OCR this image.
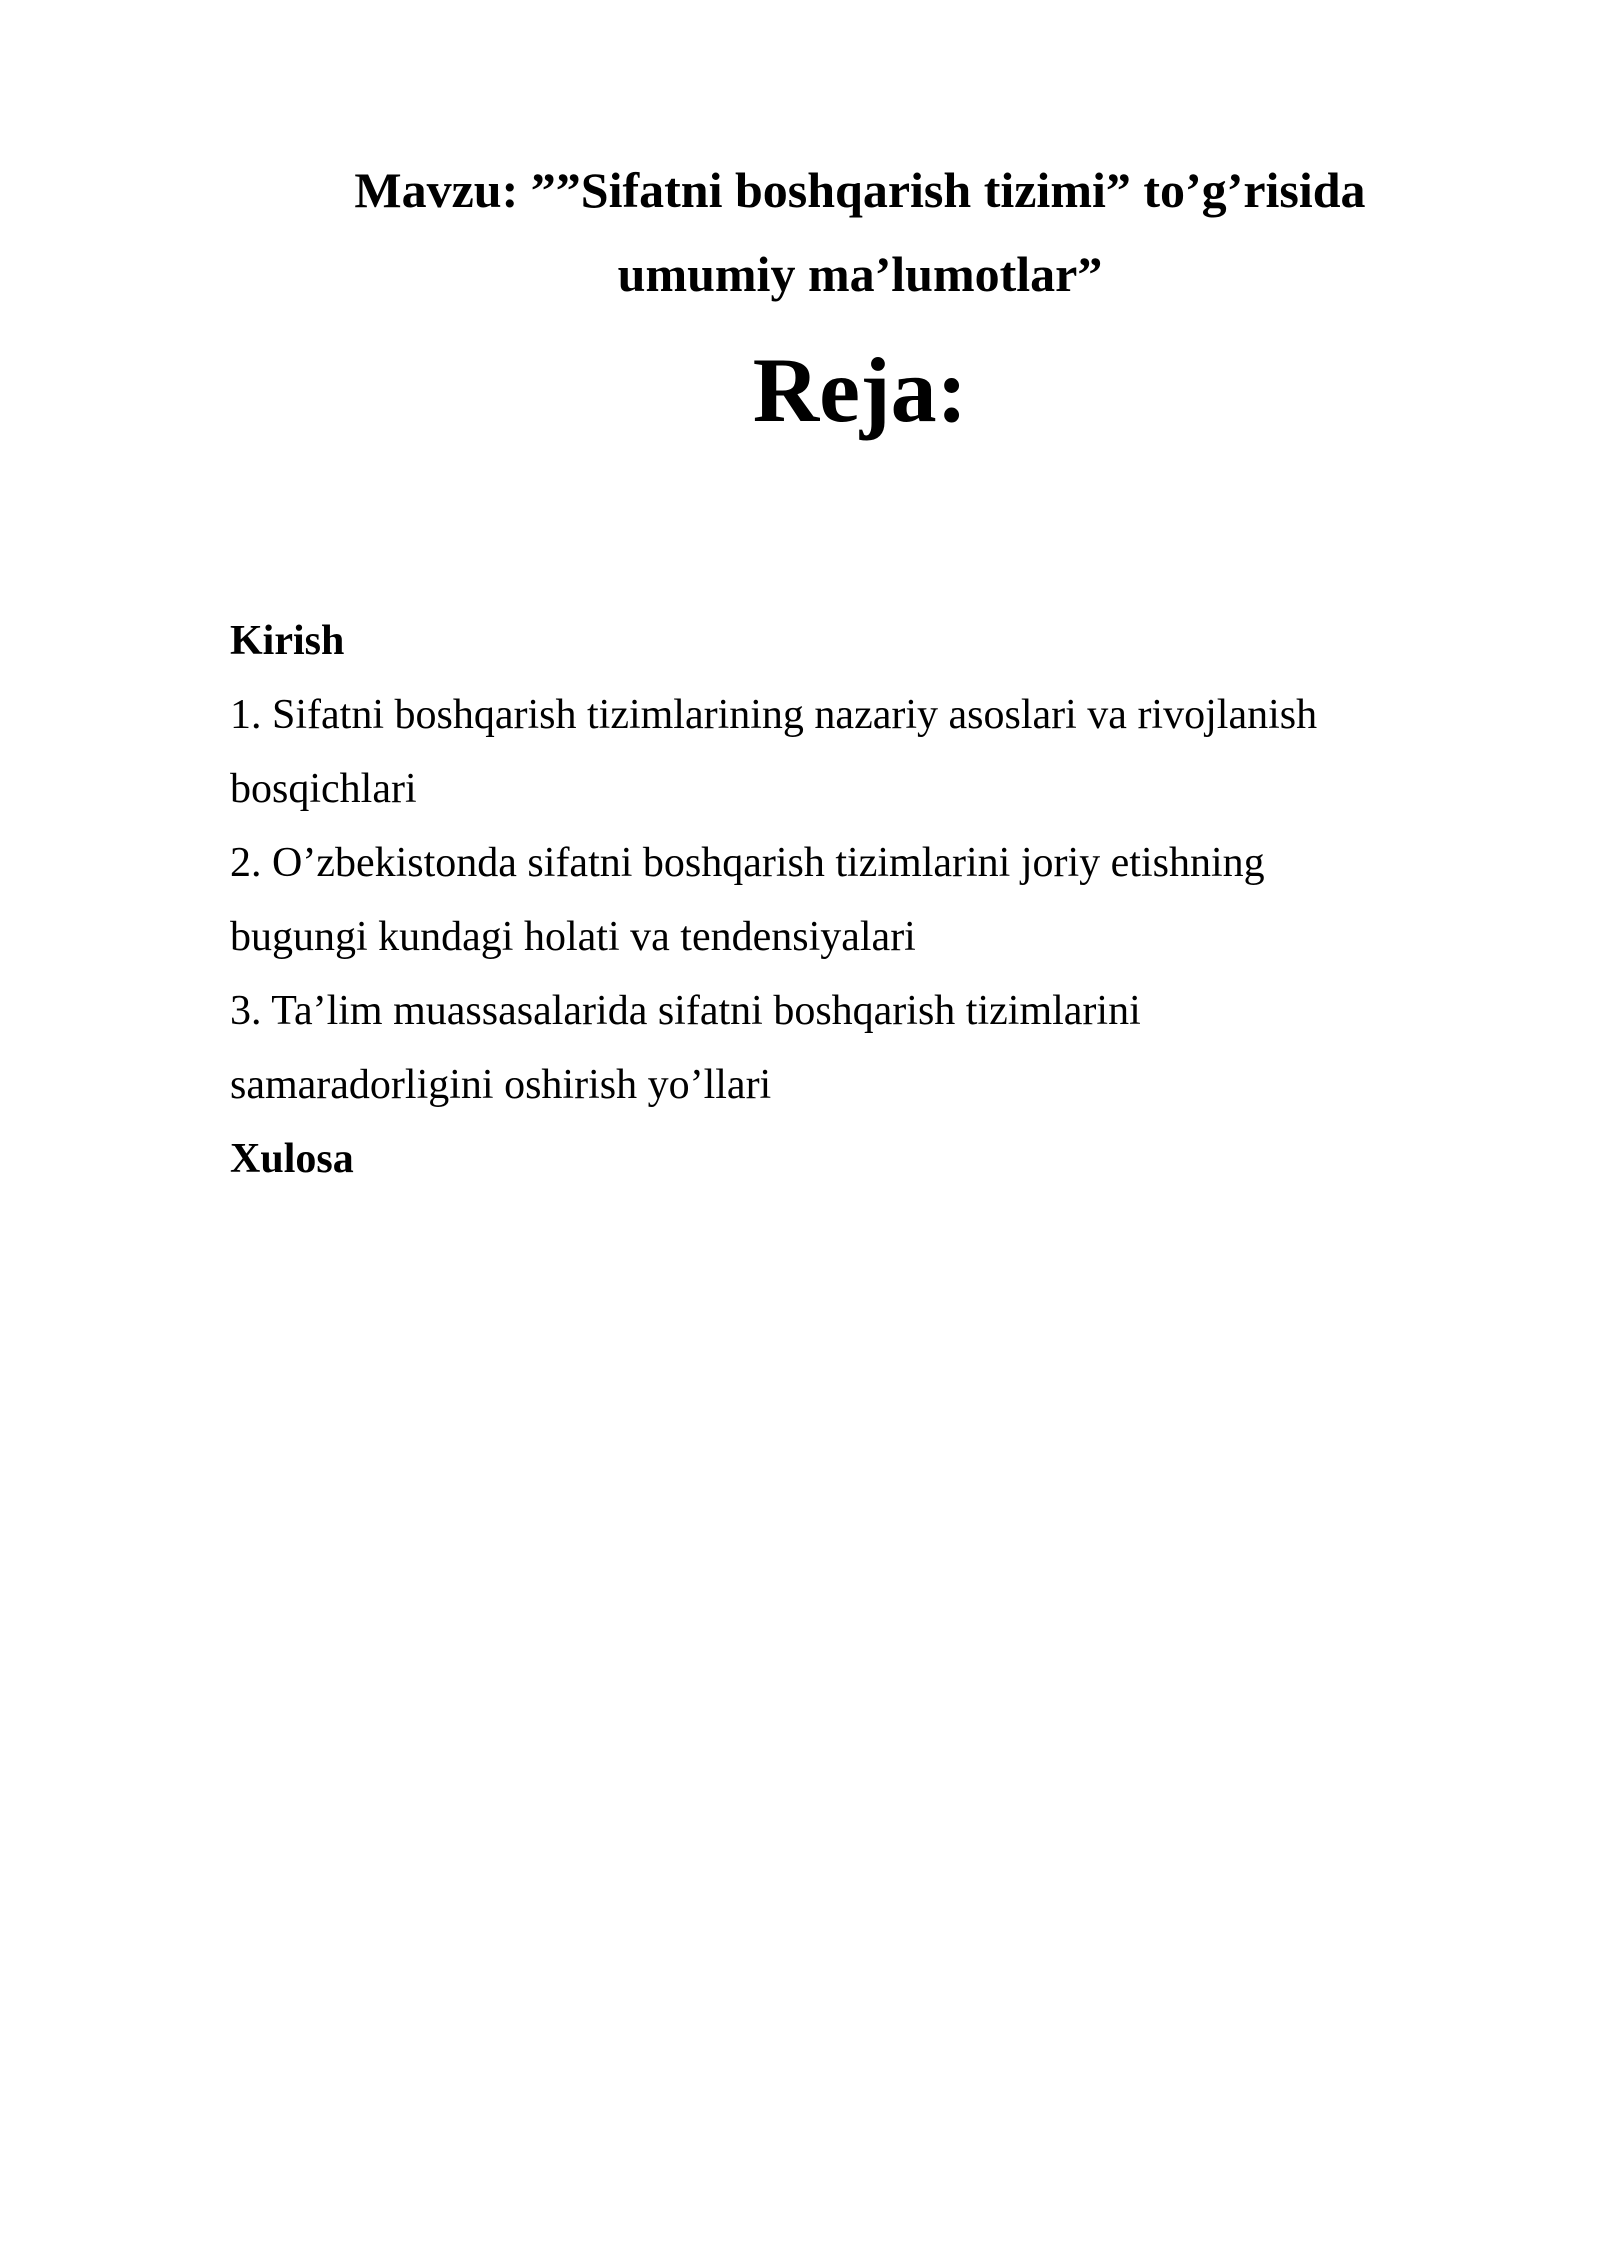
Mavzu: ””Sifatni boshqarish tizimi” to’g’risida

umumiy ma’lumotlar”

Reja:

Kirish

1. Sifatni boshqarish tizimlarining nazariy asoslari va rivojlanish

bosqichlari

2. O’zbekistonda sifatni boshqarish tizimlarini joriy etishning

bugungi kundagi holati va tendensiyalari

3. Ta’lim muassasalarida sifatni boshqarish tizimlarini

samaradorligini oshirish yo’llari

Xulosa
